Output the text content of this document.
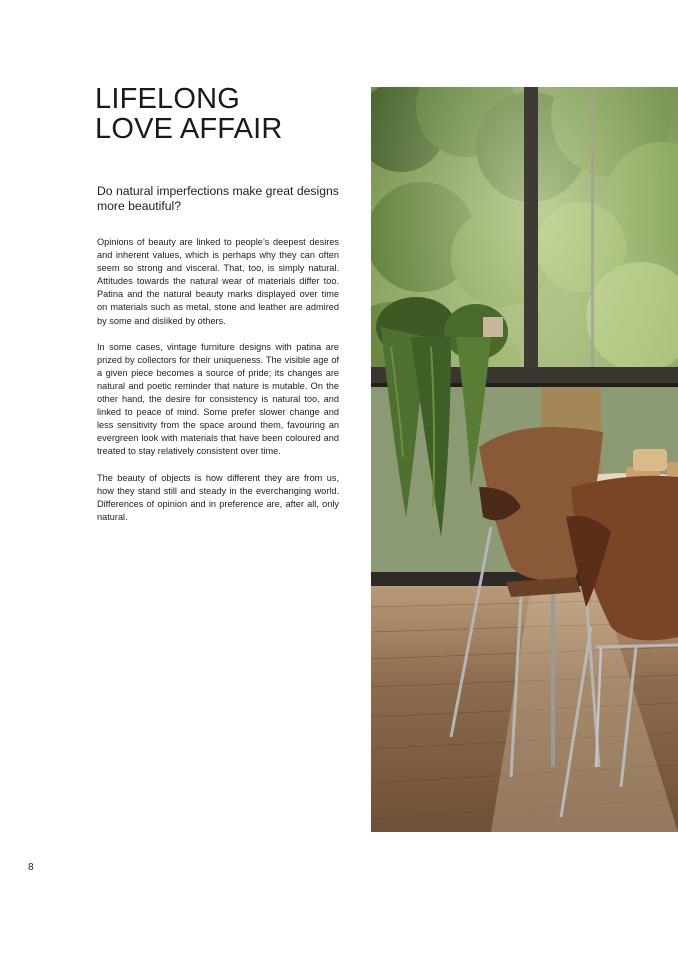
LIFELONG
LOVE AFFAIR

Do natural imperfections make great designs more beautiful?

Opinions of beauty are linked to people’s deepest desires and inherent values, which is perhaps why they can often seem so strong and visceral. That, too, is simply natural. Attitudes towards the natural wear of materials differ too. Patina and the natural beauty marks displayed over time on materials such as metal, stone and leather are admired by some and disliked by others.

In some cases, vintage furniture designs with patina are prized by collectors for their uniqueness. The visible age of a given piece becomes a source of pride; its changes are natural and poetic reminder that nature is mutable. On the other hand, the desire for consistency is natural too, and linked to peace of mind. Some prefer slower change and less sensitivity from the space around them, favouring an evergreen look with materials that have been coloured and treated to stay relatively consistent over time.

The beauty of objects is how different they are from us, how they stand still and steady in the everchanging world. Differences of opinion and in preference are, after all, only natural.

8
